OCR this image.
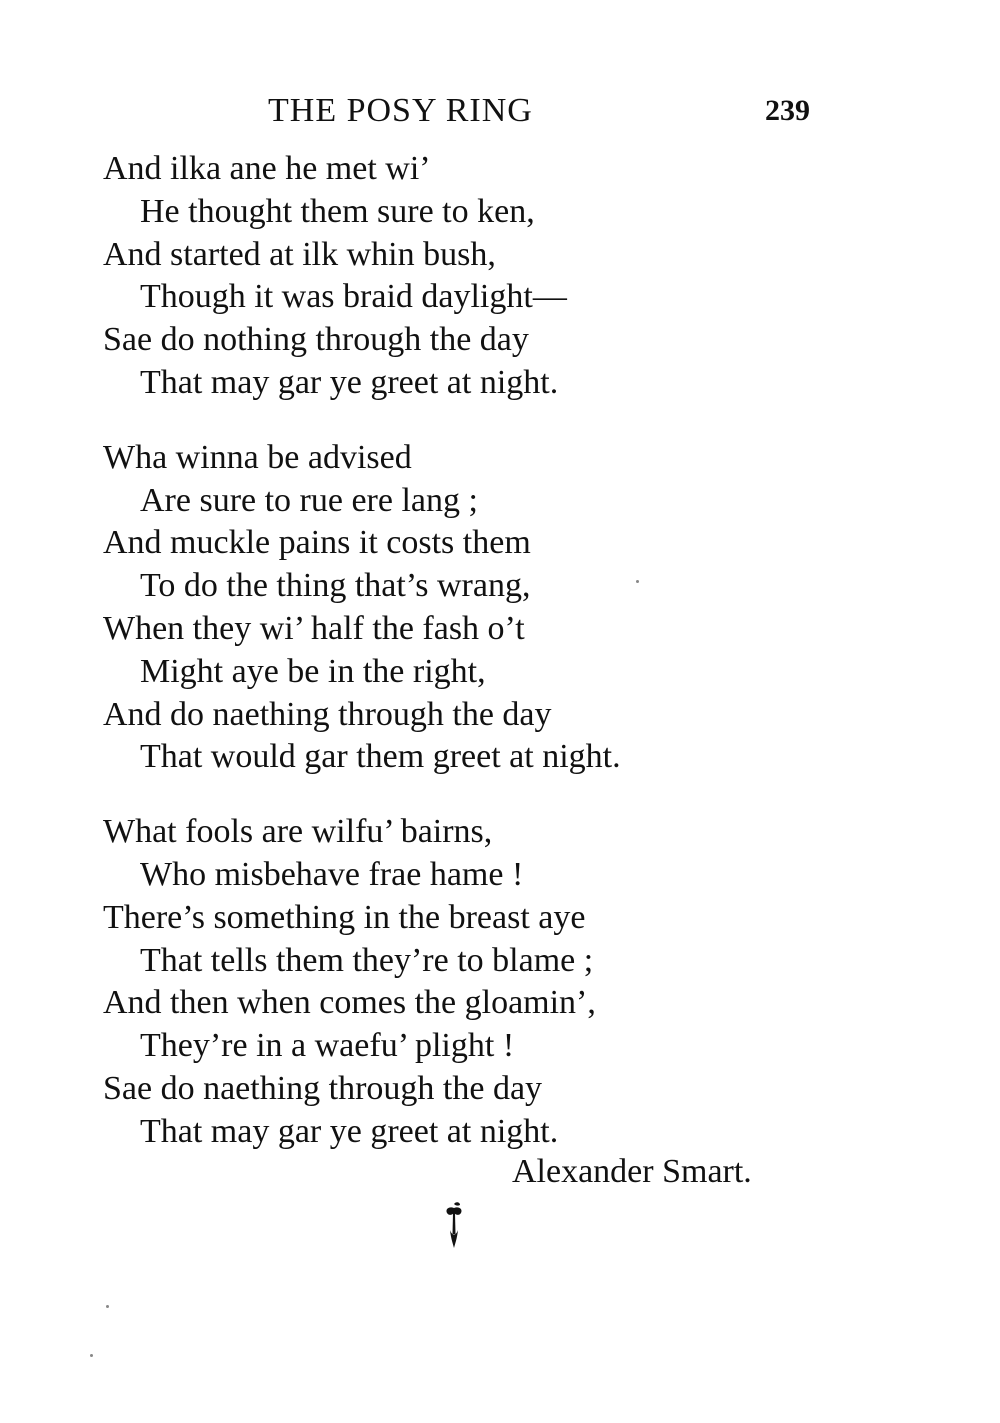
THE POSY RING	239
And ilka ane he met wi’
He thought them sure to ken,
And started at ilk whin bush,
Though it was braid daylight—
Sae do nothing through the day
That may gar ye greet at night.
Wha winna be advised
Are sure to rue ere lang ;
And muckle pains it costs them
To do the thing that’s wrang,
When they wi’ half the fash o’t
Might aye be in the right,
And do naething through the day
That would gar them greet at night.
What fools are wilfu’ bairns,
Who misbehave frae hame !
There’s something in the breast aye
That tells them they’re to blame ;
And then when comes the gloamin’,
They’re in a waefu’ plight !
Sae do naething through the day
That may gar ye greet at night.
Alexander Smart.
